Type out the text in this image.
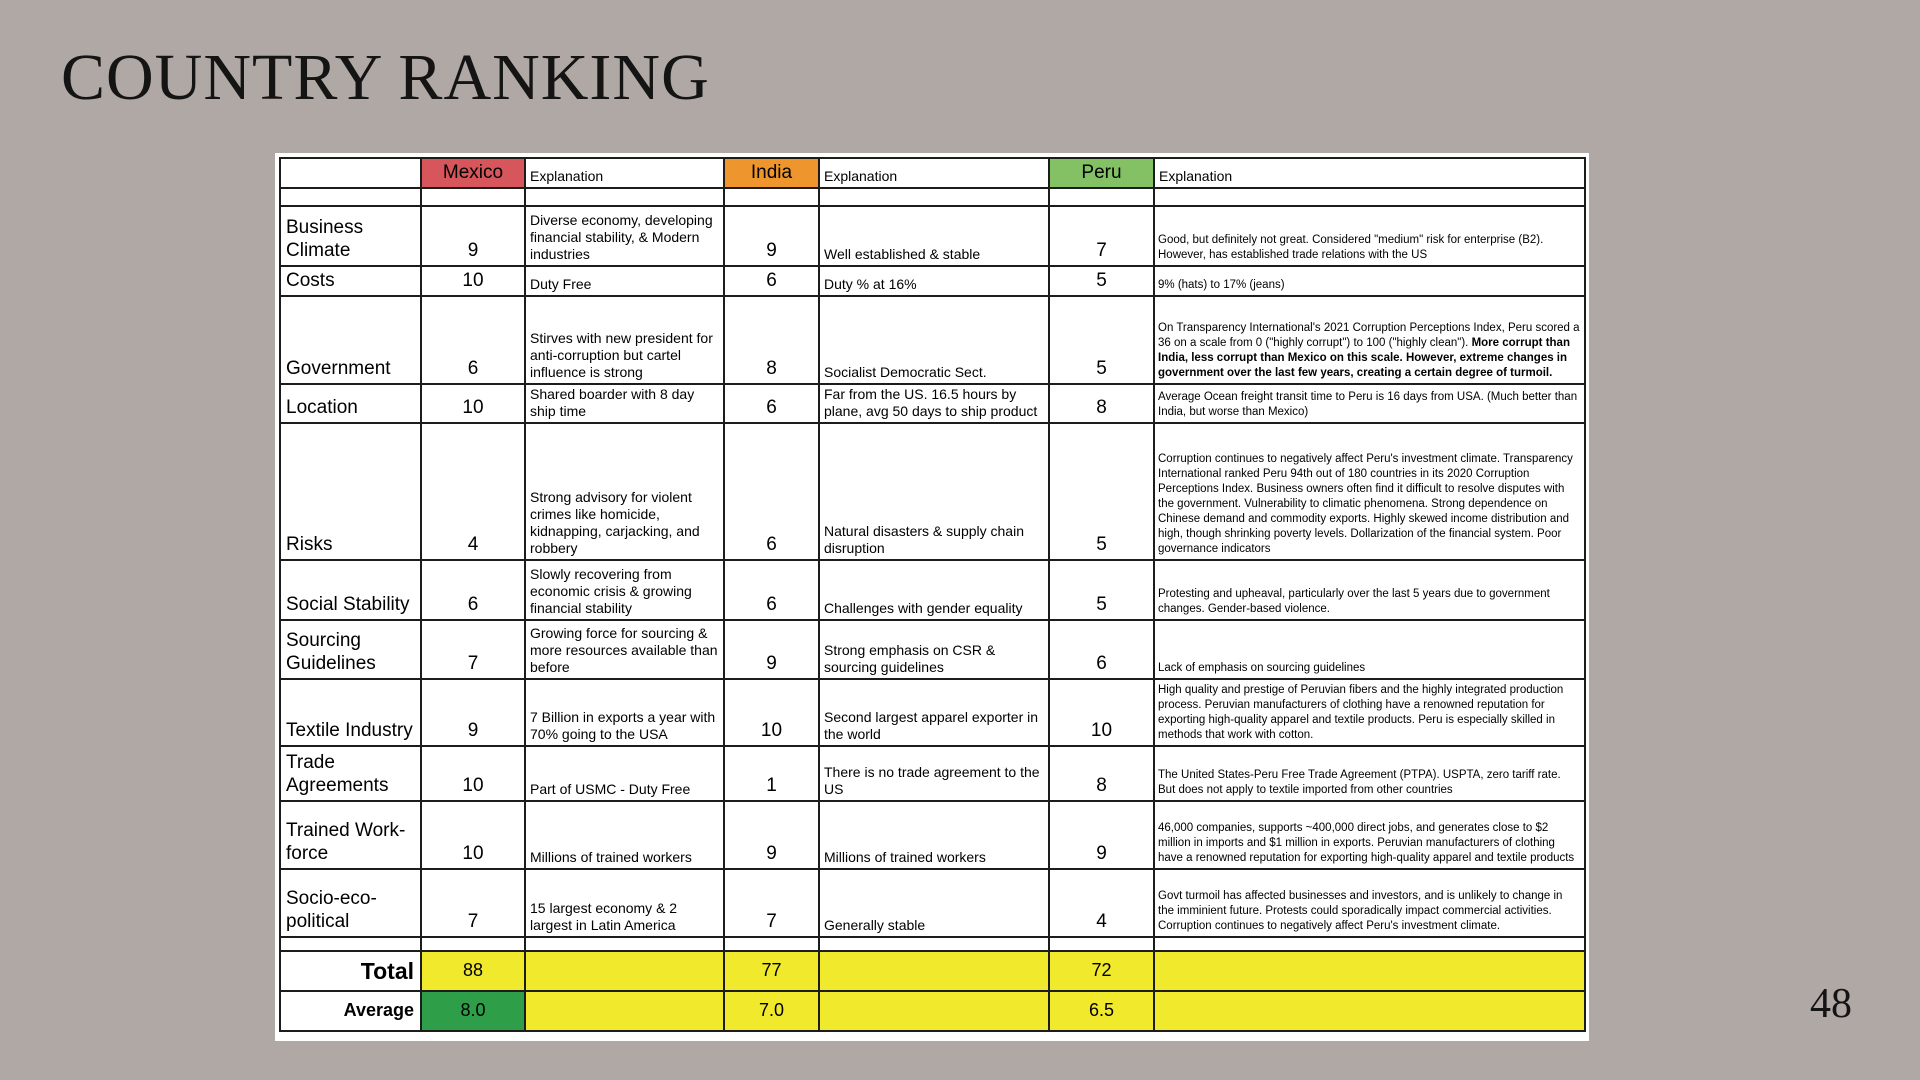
COUNTRY RANKING
	Mexico	Explanation	India	Explanation	Peru	Explanation

Business Climate	9	Diverse economy, developing financial stability, & Modern industries	9	Well established & stable	7	Good, but definitely not great. Considered "medium" risk for enterprise (B2). However, has established trade relations with the US
Costs	10	Duty Free	6	Duty % at 16%	5	9% (hats) to 17% (jeans)
Government	6	Stirves with new president for anti-corruption but cartel influence is strong	8	Socialist Democratic Sect.	5	On Transparency International's 2021 Corruption Perceptions Index, Peru scored a 36 on a scale from 0 ("highly corrupt") to 100 ("highly clean"). More corrupt than India, less corrupt than Mexico on this scale. However, extreme changes in government over the last few years, creating a certain degree of turmoil.
Location	10	Shared boarder with 8 day ship time	6	Far from the US. 16.5 hours by plane, avg 50 days to ship product	8	Average Ocean freight transit time to Peru is 16 days from USA. (Much better than India, but worse than Mexico)
Risks	4	Strong advisory for violent crimes like homicide, kidnapping, carjacking, and robbery	6	Natural disasters & supply chain disruption	5	Corruption continues to negatively affect Peru's investment climate. Transparency International ranked Peru 94th out of 180 countries in its 2020 Corruption Perceptions Index. Business owners often find it difficult to resolve disputes with the government. Vulnerability to climatic phenomena. Strong dependence on Chinese demand and commodity exports. Highly skewed income distribution and high, though shrinking poverty levels. Dollarization of the financial system. Poor governance indicators
Social Stability	6	Slowly recovering from economic crisis & growing financial stability	6	Challenges with gender equality	5	Protesting and upheaval, particularly over the last 5 years due to government changes. Gender-based violence.
Sourcing Guidelines	7	Growing force for sourcing & more resources available than before	9	Strong emphasis on CSR & sourcing guidelines	6	Lack of emphasis on sourcing guidelines
Textile Industry	9	7 Billion in exports a year with 70% going to the USA	10	Second largest apparel exporter in the world	10	High quality and prestige of Peruvian fibers and the highly integrated production process. Peruvian manufacturers of clothing have a renowned reputation for exporting high-quality apparel and textile products. Peru is especially skilled in methods that work with cotton.
Trade Agreements	10	Part of USMC - Duty Free	1	There is no trade agreement to the US	8	The United States-Peru Free Trade Agreement (PTPA). USPTA, zero tariff rate. But does not apply to textile imported from other countries
Trained Work-force	10	Millions of trained workers	9	Millions of trained workers	9	46,000 companies, supports ~400,000 direct jobs, and generates close to $2 million in imports and $1 million in exports. Peruvian manufacturers of clothing have a renowned reputation for exporting high-quality apparel and textile products
Socio-eco-political	7	15 largest economy & 2 largest in Latin America	7	Generally stable	4	Govt turmoil has affected businesses and investors, and is unlikely to change in the imminient future. Protests could sporadically impact commercial activities. Corruption continues to negatively affect Peru's investment climate.

Total	88		77		72	
Average	8.0		7.0		6.5		48
